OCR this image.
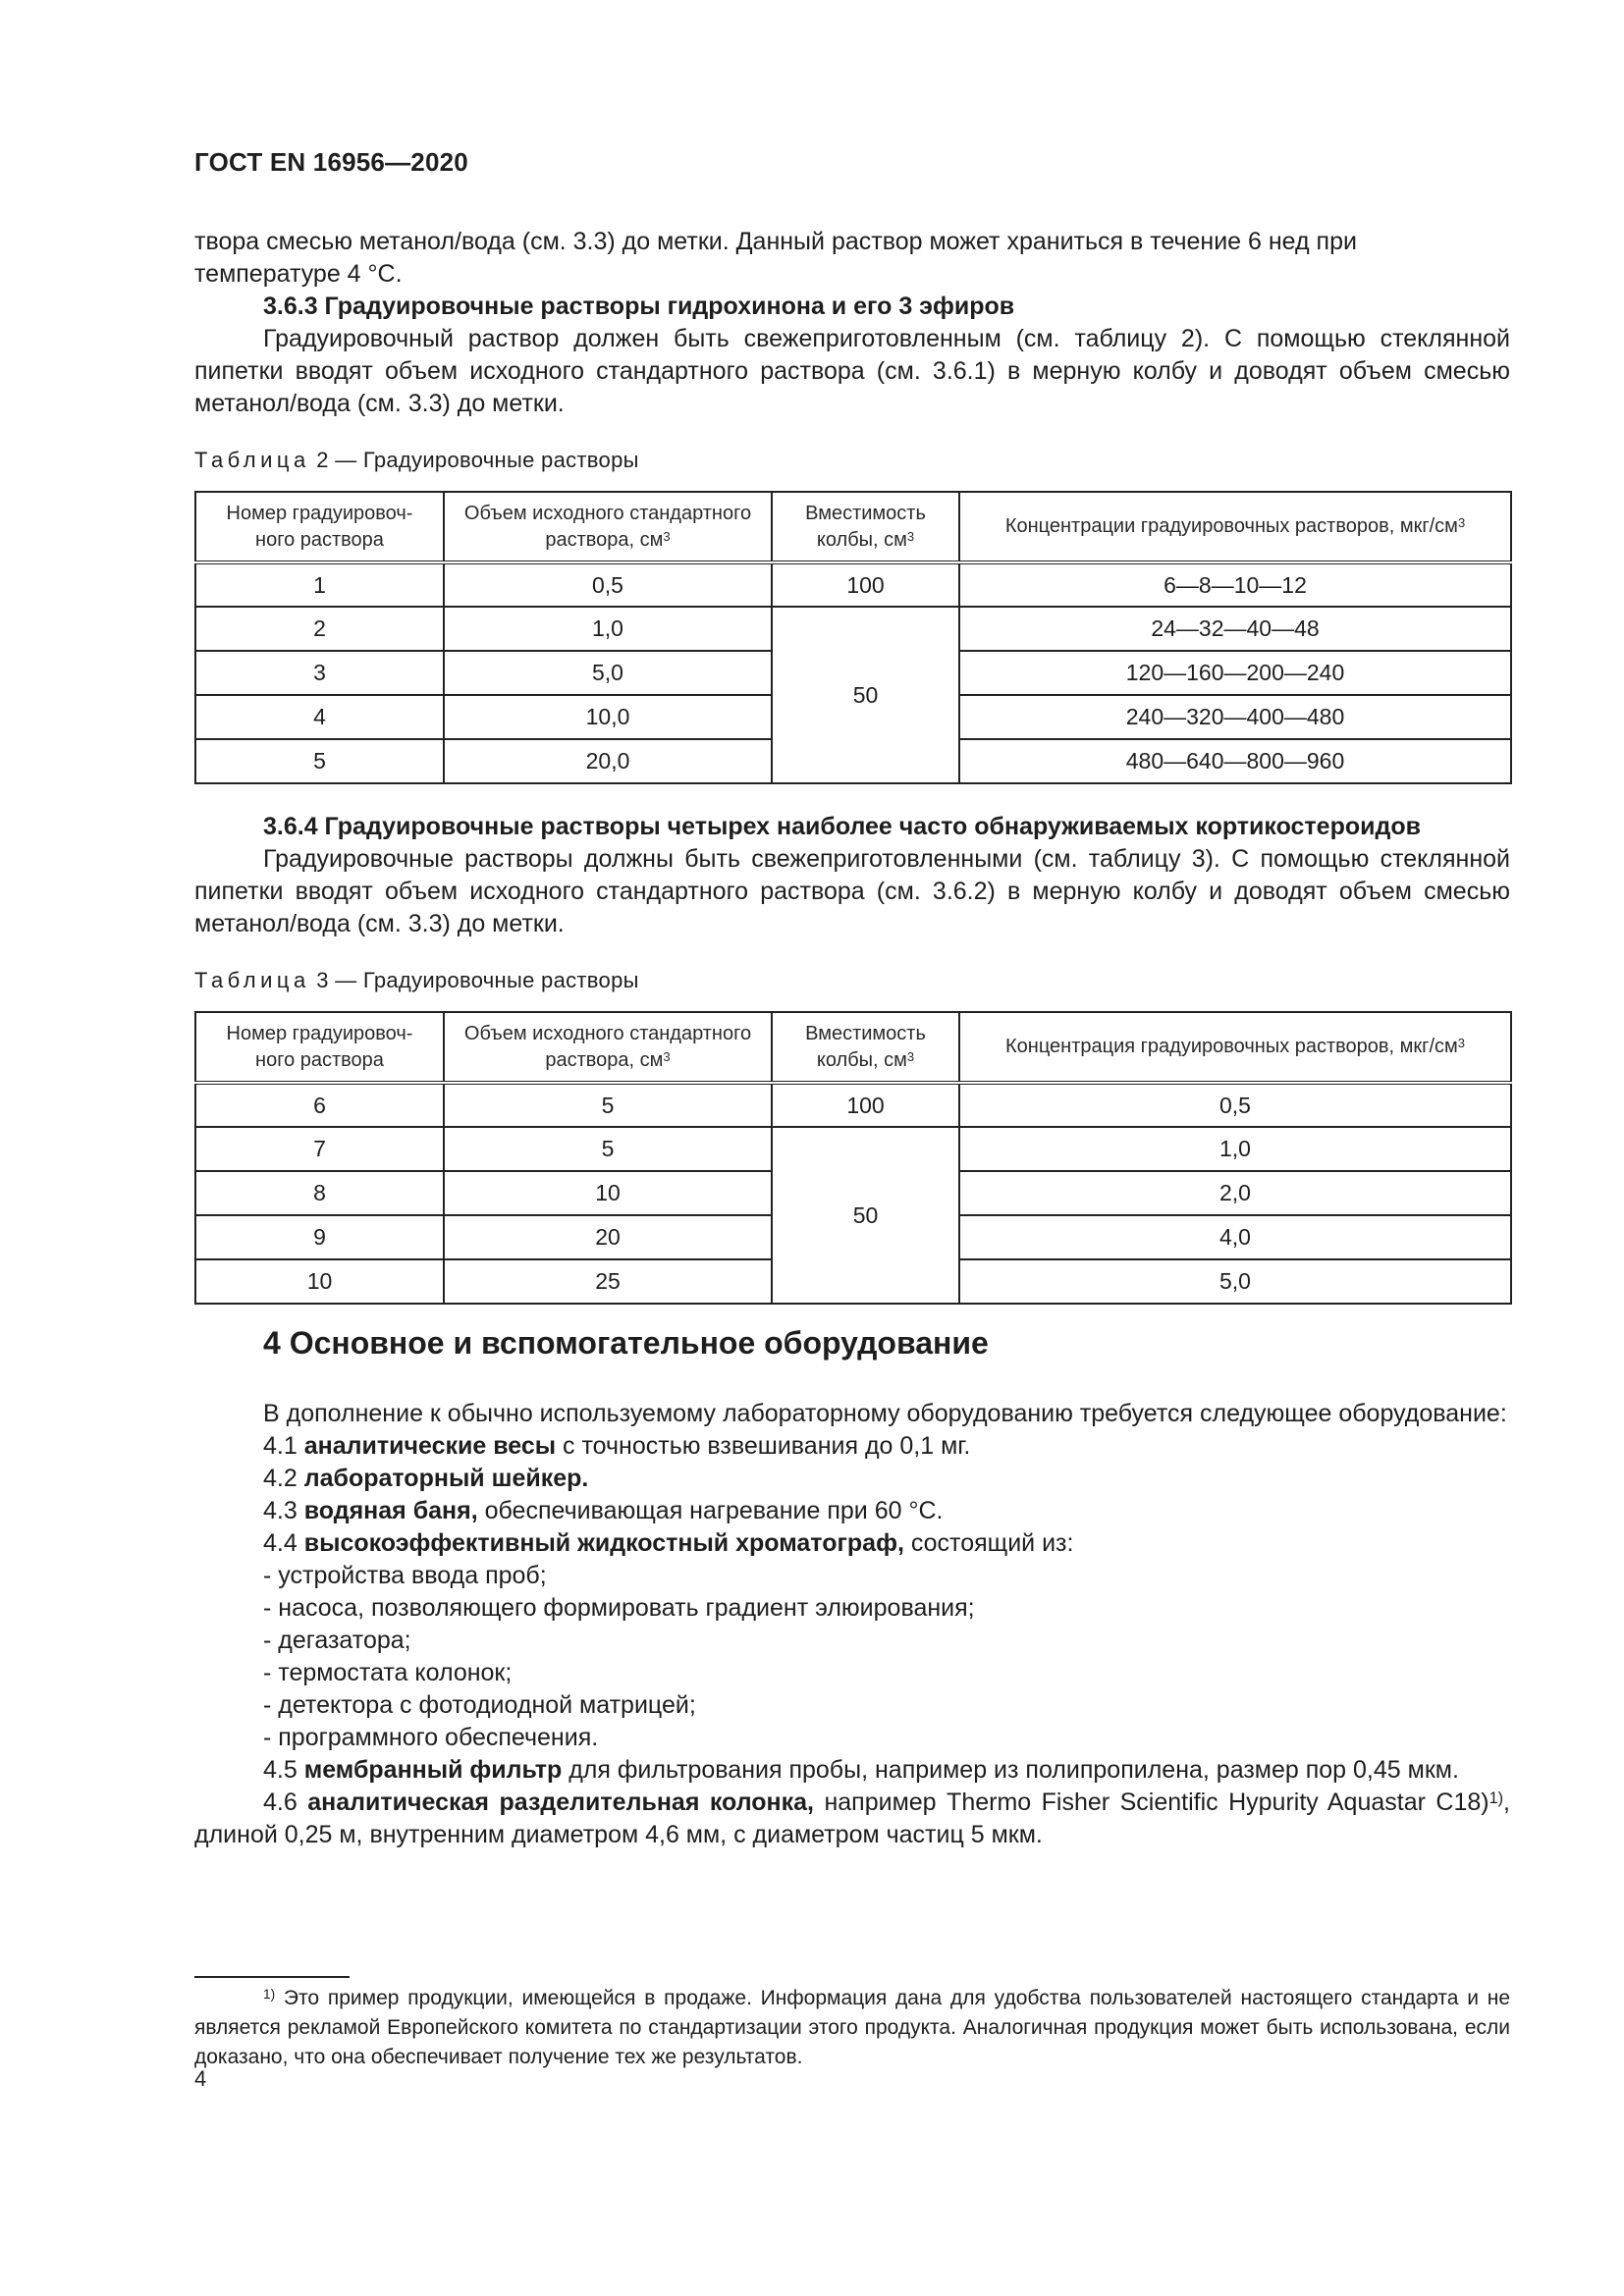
ГОСТ EN 16956—2020

твора смесью метанол/вода (см. 3.3) до метки. Данный раствор может храниться в течение 6 нед при

температуре 4 °C.

3.6.3 Градуировочные растворы гидрохинона и его 3 эфиров

Градуировочный раствор должен быть свежеприготовленным (см. таблицу 2). С помощью стеклянной пипетки вводят объем исходного стандартного раствора (см. 3.6.1) в мерную колбу и доводят объем смесью метанол/вода (см. 3.3) до метки.

Таблица 2 — Градуировочные растворы
Номер градуировоч-ного раствора	Объем исходного стандартного раствора, $см^3$	Вместимость колбы, $см^3$	Концентрации градуировочных растворов, мкг/$см^3$
1	0,5	100	6—8—10—12
2	1,0	50	24—32—40—48
3	5,0		120—160—200—240
4	10,0		240—320—400—480
5	20,0		480—640—800—960

3.6.4 Градуировочные растворы четырех наиболее часто обнаруживаемых кортикостероидов

Градуировочные растворы должны быть свежеприготовленными (см. таблицу 3). С помощью стеклянной пипетки вводят объем исходного стандартного раствора (см. 3.6.2) в мерную колбу и доводят объем смесью метанол/вода (см. 3.3) до метки.

Таблица 3 — Градуировочные растворы
Номер градуировоч-ного раствора	Объем исходного стандартного раствора, $см^3$	Вместимость колбы, $см^3$	Концентрация градуировочных растворов, мкг/$см^3$
6	5	100	0,5
7	5	50	1,0
8	10		2,0
9	20		4,0
10	25		5,0
4 Основное и вспомогательное оборудование

В дополнение к обычно используемому лабораторному оборудованию требуется следующее оборудование:

4.1 аналитические весы с точностью взвешивания до 0,1 мг.

4.2 лабораторный шейкер.

4.3 водяная баня, обеспечивающая нагревание при 60 °С.

4.4 высокоэффективный жидкостный хроматограф, состоящий из:

- устройства ввода проб;

- насоса, позволяющего формировать градиент элюирования;

- дегазатора;

- термостата колонок;

- детектора с фотодиодной матрицей;

- программного обеспечения.

4.5 мембранный фильтр для фильтрования пробы, например из полипропилена, размер пор 0,45 мкм.

4.6 аналитическая разделительная колонка, например Thermo Fisher Scientific Hypurity Aquastar C18)$^{1)}$, длиной 0,25 м, внутренним диаметром 4,6 мм, с диаметром частиц 5 мкм.

$^{1)}$ Это пример продукции, имеющейся в продаже. Информация дана для удобства пользователей настоящего стандарта и не является рекламой Европейского комитета по стандартизации этого продукта. Аналогичная продукция может быть использована, если доказано, что она обеспечивает получение тех же результатов.

4
